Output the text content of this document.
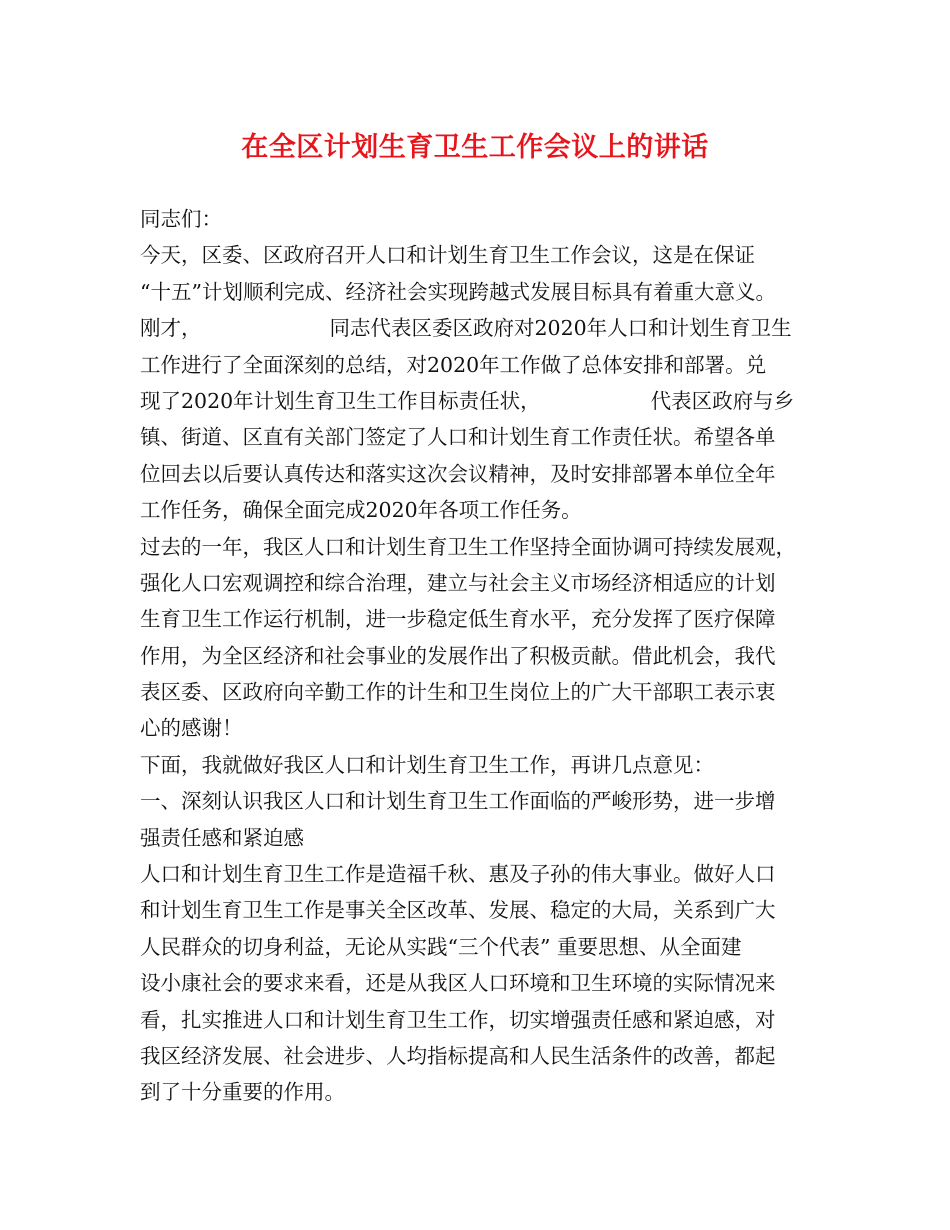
在全区计划生育卫生工作会议上的讲话
同志们：
今天，区委、区政府召开人口和计划生育卫生工作会议，这是在保证
“十五”计划顺利完成、经济社会实现跨越式发展目标具有着重大意义。
刚才，	同志代表区委区政府对2020年人口和计划生育卫生
工作进行了全面深刻的总结，对2020年工作做了总体安排和部署。兑
现了2020年计划生育卫生工作目标责任状，	代表区政府与乡
镇、街道、区直有关部门签定了人口和计划生育工作责任状。希望各单
位回去以后要认真传达和落实这次会议精神，及时安排部署本单位全年
工作任务，确保全面完成2020年各项工作任务。
过去的一年，我区人口和计划生育卫生工作坚持全面协调可持续发展观，
强化人口宏观调控和综合治理，建立与社会主义市场经济相适应的计划
生育卫生工作运行机制，进一步稳定低生育水平，充分发挥了医疗保障
作用，为全区经济和社会事业的发展作出了积极贡献。借此机会，我代
表区委、区政府向辛勤工作的计生和卫生岗位上的广大干部职工表示衷
心的感谢！
下面，我就做好我区人口和计划生育卫生工作，再讲几点意见：
一、深刻认识我区人口和计划生育卫生工作面临的严峻形势，进一步增
强责任感和紧迫感
人口和计划生育卫生工作是造福千秋、惠及子孙的伟大事业。做好人口
和计划生育卫生工作是事关全区改革、发展、稳定的大局，关系到广大
人民群众的切身利益，无论从实践“三个代表” 重要思想、从全面建
设小康社会的要求来看，还是从我区人口环境和卫生环境的实际情况来
看，扎实推进人口和计划生育卫生工作，切实增强责任感和紧迫感，对
我区经济发展、社会进步、人均指标提高和人民生活条件的改善，都起
到了十分重要的作用。
